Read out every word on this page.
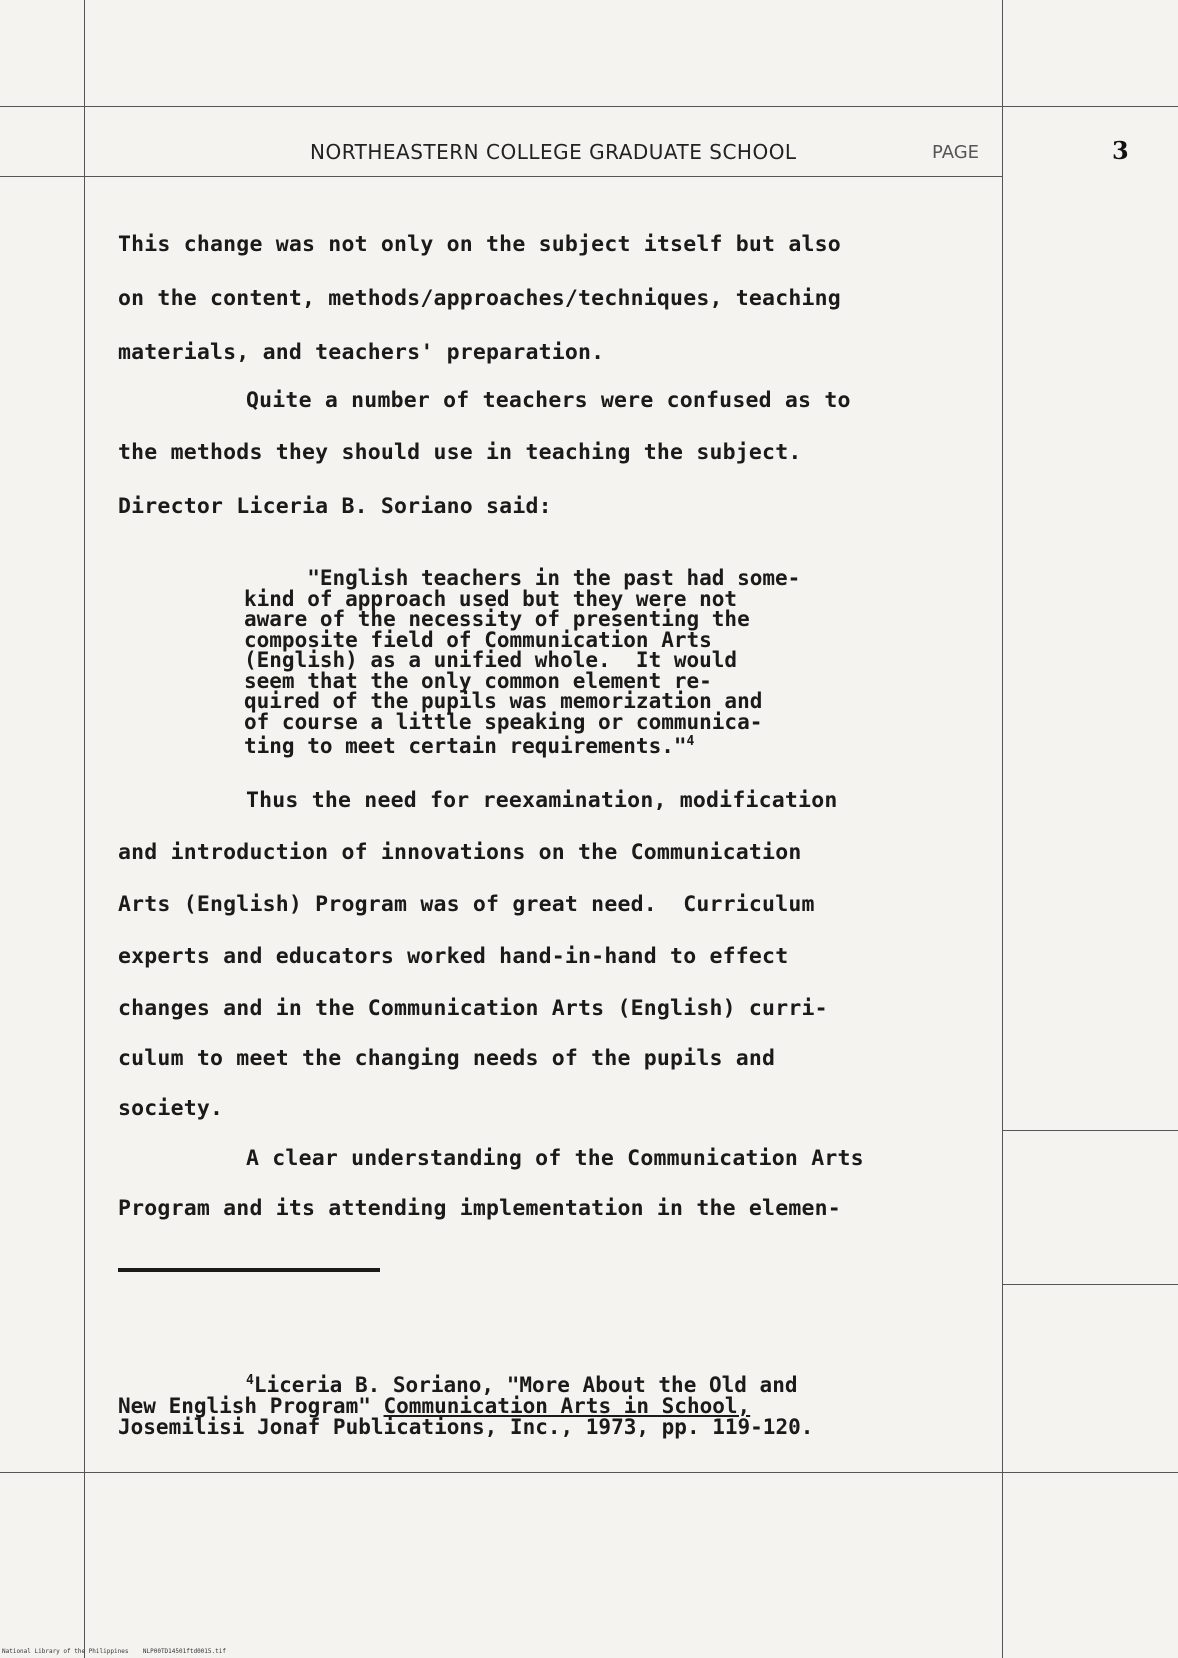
NORTHEASTERN COLLEGE GRADUATE SCHOOL	PAGE	3
This change was not only on the subject itself but also
on the content, methods/approaches/techniques, teaching
materials, and teachers' preparation.
Quite a number of teachers were confused as to
the methods they should use in teaching the subject.
Director Liceria B. Soriano said:
"English teachers in the past had some-
kind of approach used but they were not
aware of the necessity of presenting the
composite field of Communication Arts
(English) as a unified whole.  It would
seem that the only common element re-
quired of the pupils was memorization and
of course a little speaking or communica-
ting to meet certain requirements."$^4$
Thus the need for reexamination, modification
and introduction of innovations on the Communication
Arts (English) Program was of great need.  Curriculum
experts and educators worked hand-in-hand to effect
changes and in the Communication Arts (English) curri-
culum to meet the changing needs of the pupils and
society.
A clear understanding of the Communication Arts
Program and its attending implementation in the elemen-
$^4$Liceria B. Soriano, "More About the Old and
New English Program" Communication Arts in School,
Josemilisi Jonaf Publications, Inc., 1973, pp. 119-120.
National Library of the Philippines    NLP00TD14501ftd0015.tif
